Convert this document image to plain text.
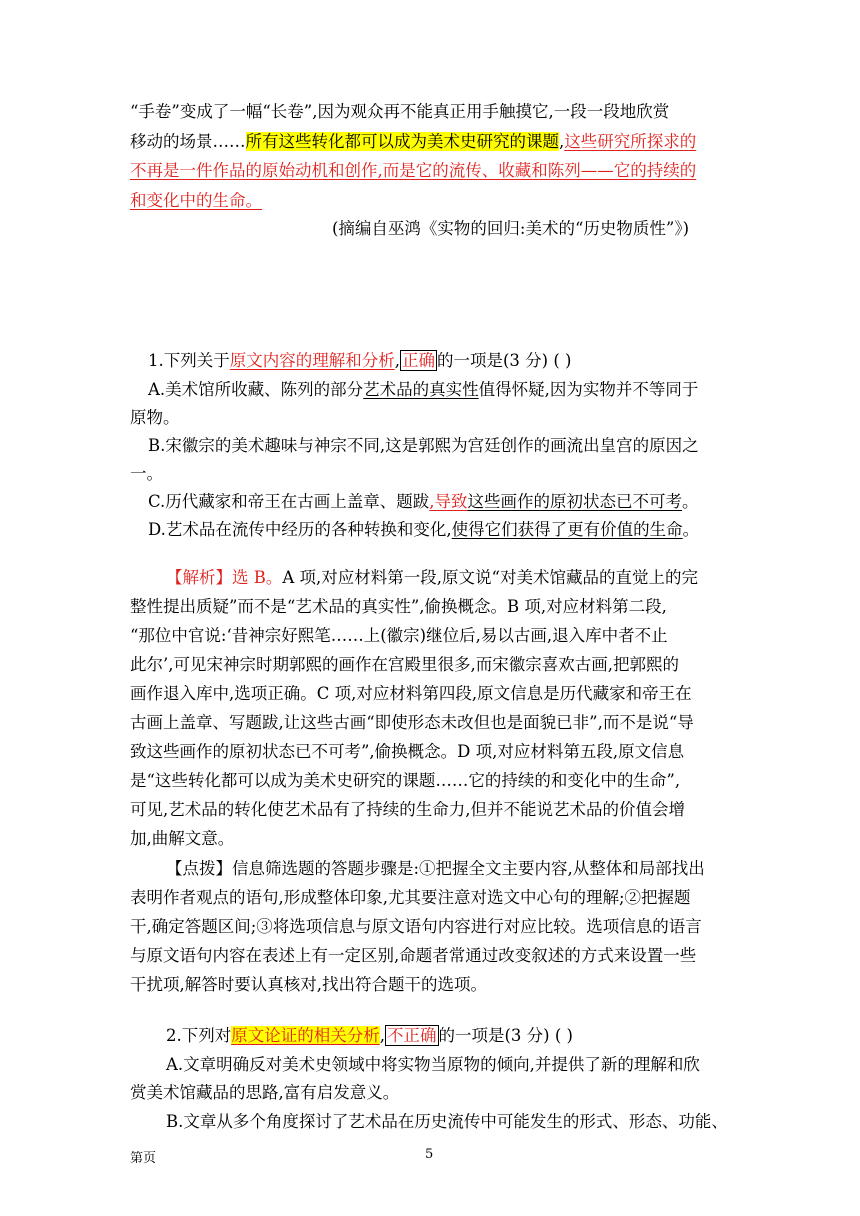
“手卷”变成了一幅“长卷”,因为观众再不能真正用手触摸它,一段一段地欣赏
移动的场景……所有这些转化都可以成为美术史研究的课题,这些研究所探求的
不再是一件作品的原始动机和创作,而是它的流传、收藏和陈列——它的持续的
和变化中的生命。
(摘编自巫鸿《实物的回归:美术的“历史物质性”》)
1.下列关于原文内容的理解和分析, 正确 的一项是(3 分) ( )
A.美术馆所收藏、陈列的部分艺术品的真实性值得怀疑,因为实物并不等同于
原物。
B.宋徽宗的美术趣味与神宗不同,这是郭熙为宫廷创作的画流出皇宫的原因之
一。
C.历代藏家和帝王在古画上盖章、题跋,导致这些画作的原初状态已不可考。
D.艺术品在流传中经历的各种转换和变化,使得它们获得了更有价值的生命。
【解析】选 B。A 项,对应材料第一段,原文说“对美术馆藏品的直觉上的完
整性提出质疑”而不是“艺术品的真实性”,偷换概念。B 项,对应材料第二段,
“那位中官说:‘昔神宗好熙笔……上(徽宗)继位后,易以古画,退入库中者不止
此尔’,可见宋神宗时期郭熙的画作在宫殿里很多,而宋徽宗喜欢古画,把郭熙的
画作退入库中,选项正确。C 项,对应材料第四段,原文信息是历代藏家和帝王在
古画上盖章、写题跋,让这些古画“即使形态未改但也是面貌已非”,而不是说“导
致这些画作的原初状态已不可考”,偷换概念。D 项,对应材料第五段,原文信息
是“这些转化都可以成为美术史研究的课题……它的持续的和变化中的生命”,
可见,艺术品的转化使艺术品有了持续的生命力,但并不能说艺术品的价值会增
加,曲解文意。
【点拨】信息筛选题的答题步骤是:①把握全文主要内容,从整体和局部找出
表明作者观点的语句,形成整体印象,尤其要注意对选文中心句的理解;②把握题
干,确定答题区间;③将选项信息与原文语句内容进行对应比较。选项信息的语言
与原文语句内容在表述上有一定区别,命题者常通过改变叙述的方式来设置一些
干扰项,解答时要认真核对,找出符合题干的选项。
2.下列对原文论证的相关分析, 不正确 的一项是(3 分) ( )
A.文章明确反对美术史领域中将实物当原物的倾向,并提供了新的理解和欣
赏美术馆藏品的思路,富有启发意义。
B.文章从多个角度探讨了艺术品在历史流传中可能发生的形式、形态、功能、
第页	5
